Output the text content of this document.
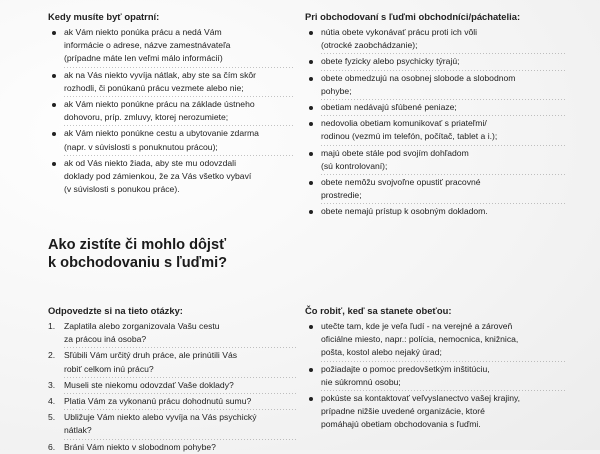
Kedy musíte byť opatrní:
ak Vám niekto ponúka prácu a nedá Vám
informácie o adrese, názve zamestnávateľa
(prípadne máte len veľmi málo informácií)
ak na Vás niekto vyvíja nátlak, aby ste sa čím skôr
rozhodli, či ponúkanú prácu vezmete alebo nie;
ak Vám niekto ponúkne prácu na základe ústneho
dohovoru, príp. zmluvy, ktorej nerozumiete;
ak Vám niekto ponúkne cestu a ubytovanie zdarma
(napr. v súvislosti s ponuknutou prácou);
ak od Vás niekto žiada, aby ste mu odovzdali
doklady pod zámienkou, že za Vás všetko vybaví
(v súvislosti s ponukou práce).
Pri obchodovaní s ľuďmi obchodníci/páchatelia:
nútia obete vykonávať prácu proti ich vôli
(otrocké zaobchádzanie);
obete fyzicky alebo psychicky týrajú;
obete obmedzujú na osobnej slobode a slobodnom
pohybe;
obetiam nedávajú sľúbené peniaze;
nedovolia obetiam komunikovať s priateľmi/
rodinou (vezmú im telefón, počítač, tablet a i.);
majú obete stále pod svojím dohľadom
(sú kontrolovaní);
obete nemôžu svojvoľne opustiť pracovné
prostredie;
obete nemajú prístup k osobným dokladom.
Ako zistíte či mohlo dôjsť
k obchodovaniu s ľuďmi?
Odpovedzte si na tieto otázky:
1. Zaplatila alebo zorganizovala Vašu cestu
za prácou iná osoba?
2. Sľúbili Vám určitý druh práce, ale prinútili Vás
robiť celkom inú prácu?
3. Museli ste niekomu odovzdať Vaše doklady?
4. Platia Vám za vykonanú prácu dohodnutú sumu?
5. Ubližuje Vám niekto alebo vyvíja na Vás psychický
nátlak?
6. Bráni Vám niekto v slobodnom pohybe?
Čo robiť, keď sa stanete obeťou:
utečte tam, kde je veľa ľudí - na verejné a zároveň
oficiálne miesto, napr.: polícia, nemocnica, knižnica,
pošta, kostol alebo nejaký úrad;
požiadajte o pomoc predovšetkým inštitúciu,
nie súkromnú osobu;
pokúste sa kontaktovať veľvyslanectvo vašej krajiny,
prípadne nižšie uvedené organizácie, ktoré
pomáhajú obetiam obchodovania s ľuďmi.
